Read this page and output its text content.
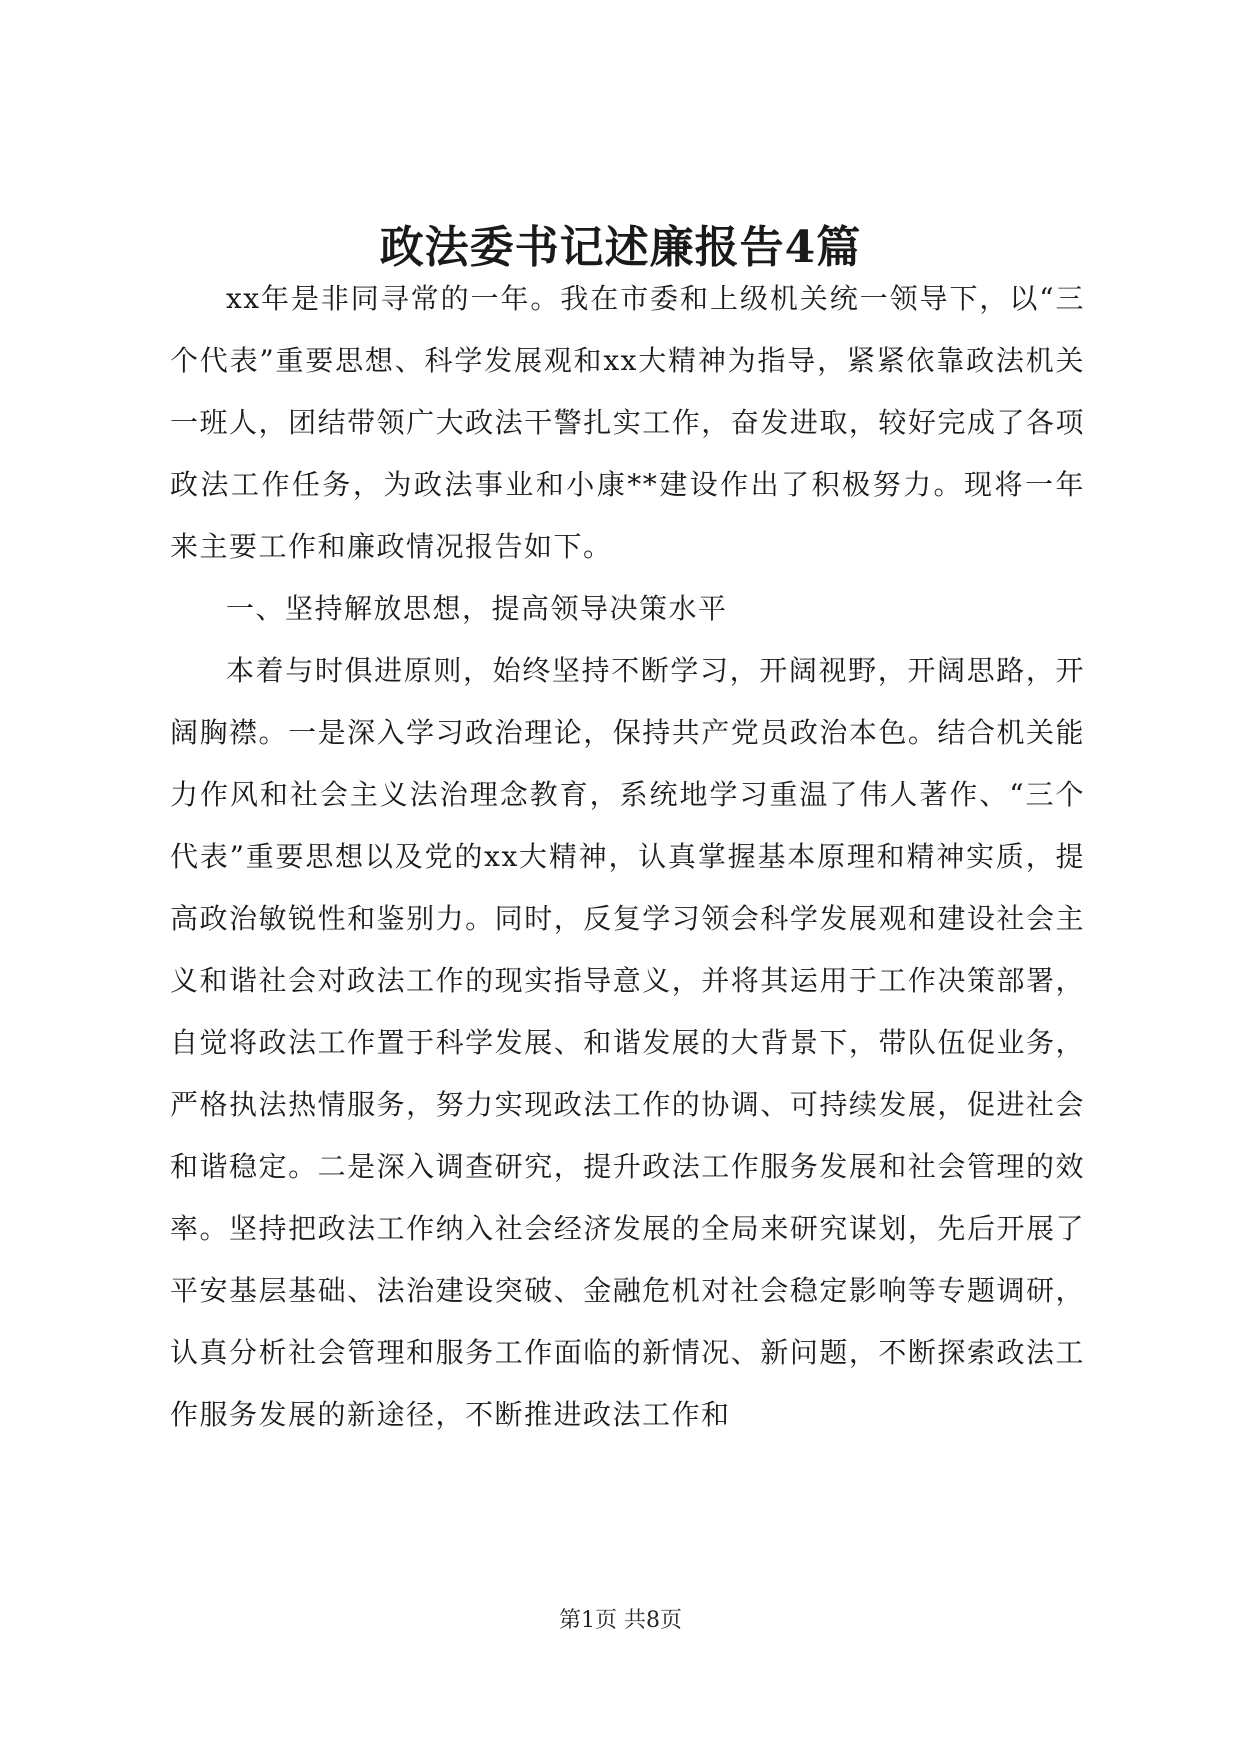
政法委书记述廉报告4篇

xx年是非同寻常的一年。我在市委和上级机关统一领导下，以“三个代表”重要思想、科学发展观和xx大精神为指导，紧紧依靠政法机关一班人，团结带领广大政法干警扎实工作，奋发进取，较好完成了各项政法工作任务，为政法事业和小康**建设作出了积极努力。现将一年来主要工作和廉政情况报告如下。

一、坚持解放思想，提高领导决策水平

本着与时俱进原则，始终坚持不断学习，开阔视野，开阔思路，开阔胸襟。一是深入学习政治理论，保持共产党员政治本色。结合机关能力作风和社会主义法治理念教育，系统地学习重温了伟人著作、“三个代表”重要思想以及党的xx大精神，认真掌握基本原理和精神实质，提高政治敏锐性和鉴别力。同时，反复学习领会科学发展观和建设社会主义和谐社会对政法工作的现实指导意义，并将其运用于工作决策部署，自觉将政法工作置于科学发展、和谐发展的大背景下，带队伍促业务，严格执法热情服务，努力实现政法工作的协调、可持续发展，促进社会和谐稳定。二是深入调查研究，提升政法工作服务发展和社会管理的效率。坚持把政法工作纳入社会经济发展的全局来研究谋划，先后开展了平安基层基础、法治建设突破、金融危机对社会稳定影响等专题调研，认真分析社会管理和服务工作面临的新情况、新问题，不断探索政法工作服务发展的新途径，不断推进政法工作和

第1页 共8页
